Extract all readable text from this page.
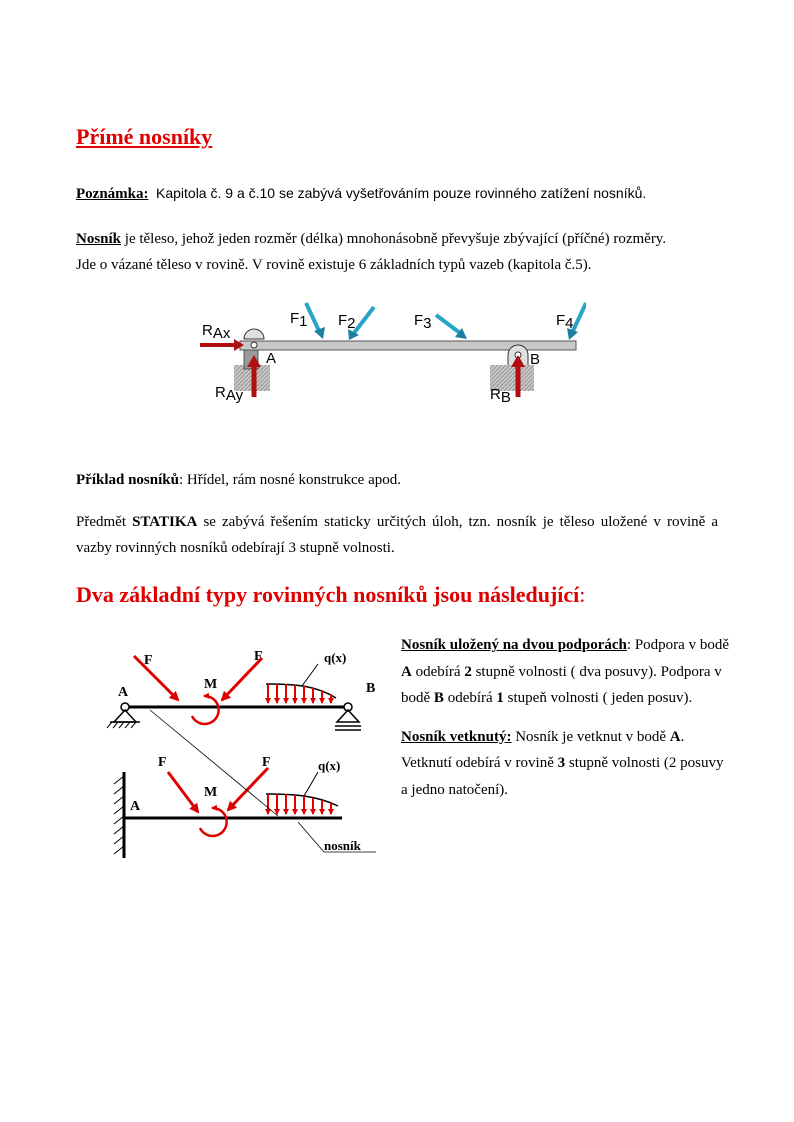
Přímé nosníky
Poznámka: Kapitola č. 9 a č.10 se zabývá vyšetřováním pouze rovinného zatížení nosníků.
Nosník je těleso, jehož jeden rozměr (délka) mnohonásobně převyšuje zbývající (příčné) rozměry.
Jde o vázané těleso v rovině. V rovině existuje 6 základních typů vazeb (kapitola č.5).
RAx
RAy	RB
A	B
F1 F2	F3	F4
Příklad nosníků: Hřídel, rám nosné konstrukce apod.
Předmět STATIKA se zabývá řešením staticky určitých úloh, tzn. nosník je těleso uložené v rovině a vazby rovinných nosníků odebírají 3 stupně volnosti.
Dva základní typy rovinných nosníků jsou následující:
F	F
M
q(x)
A	B
F	F
M
q(x)
A
nosník

Nosník uložený na dvou podporách: Podpora v bodě A odebírá 2 stupně volnosti ( dva posuvy). Podpora v bodě B odebírá 1 stupeň volnosti ( jeden posuv).

Nosník vetknutý: Nosník je vetknut v bodě A. Vetknutí odebírá v rovině 3 stupně volnosti (2 posuvy a jedno natočení).
